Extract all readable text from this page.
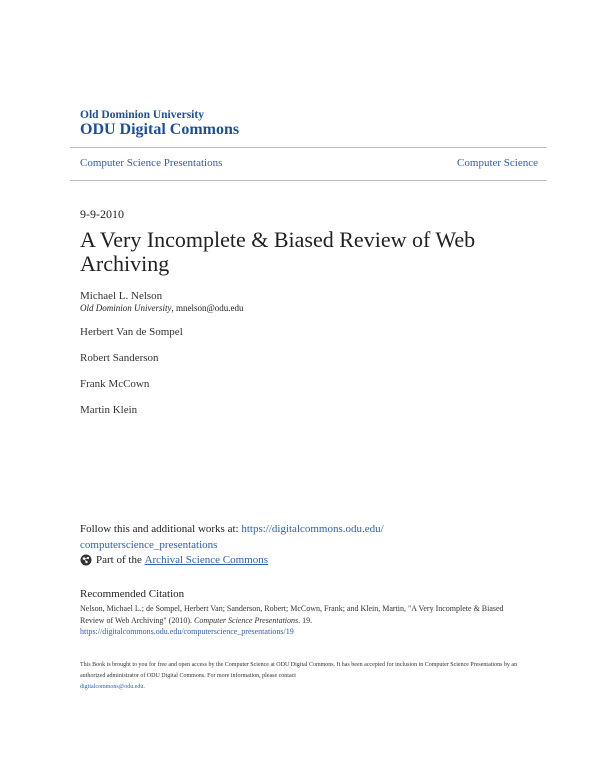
Old Dominion University
ODU Digital Commons
Computer Science Presentations	Computer Science
9-9-2010
A Very Incomplete & Biased Review of Web Archiving
Michael L. Nelson
Old Dominion University, mnelson@odu.edu
Herbert Van de Sompel
Robert Sanderson
Frank McCown
Martin Klein
Follow this and additional works at: https://digitalcommons.odu.edu/
computerscience_presentations
Part of the
Archival Science Commons
Recommended Citation
Nelson, Michael L.; de Sompel, Herbert Van; Sanderson, Robert; McCown, Frank; and Klein, Martin, "A Very Incomplete & Biased Review of Web Archiving" (2010). Computer Science Presentations. 19.
https://digitalcommons.odu.edu/computerscience_presentations/19
This Book is brought to you for free and open access by the Computer Science at ODU Digital Commons. It has been accepted for inclusion in Computer Science Presentations by an authorized administrator of ODU Digital Commons. For more information, please contact
digitalcommons@odu.edu.
